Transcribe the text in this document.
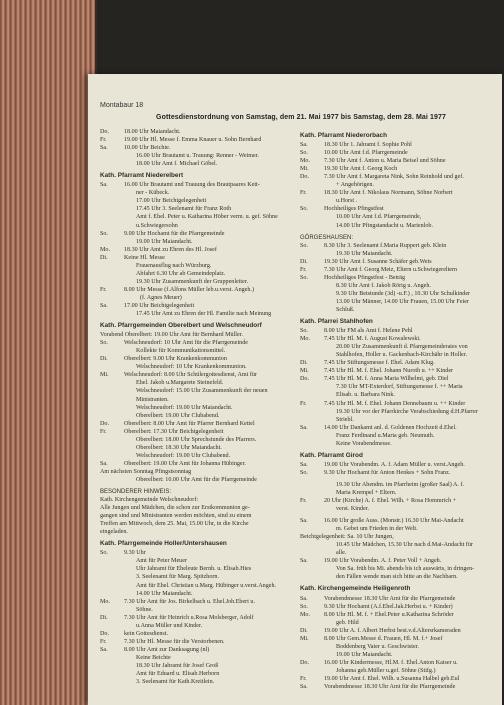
Montabaur 18
Gottesdienstordnung von Samstag, dem 21. Mai 1977 bis Samstag, dem 28. Mai 1977
Do. 18.00 Uhr Maiandacht.
Fr.	19.00 Uhr Hl. Messe f. Emma Knauer u. Sohn Bernhard
Sa.	10.00 Uhr Beichte.
16.00 Uhr Brautamt u. Trauung: Renner - Weimer.
18.00 Uhr Amt f. Michael Göbel.
Kath. Pfarramt Niederelbert
Sa.	16.00 Uhr Brautamt und Trauung des Brautpaares Kett-
ner - Kübeck.
17.00 Uhr Beichtgelegenheit
17.45 Uhr 3. Seelenamt für Franz Roth
Amt f. Ehel. Peter u. Katharina Höber verm. u. gef. Söhne
u.Schwiegersohn
So.	9.00 Uhr Hochamt für die Pfarrgemeinde
19.00 Uhr Maiandacht.
Mo. 18.30 Uhr Amt zu Ehren des Hl. Josef
Di.	Keine Hl. Messe
Frauenausflug nach Würzburg.
Abfahrt 6.30 Uhr ab Gemeindeplatz.
19.30 Uhr Zusammenkunft der Gruppenleiter.
Fr.	8.00 Uhr Messe (f.Alfons Müller leb.u.verst. Angeh.)
(f. Agnes Meuer)
Sa.	17.00 Uhr Beichtgelegenheit
17.45 Uhr Amt zu Ehren der Hl. Familie nach Meinung
Kath. Pfarrgemeinden Oberelbert und Welschneudorf
Vorabend Oberelbert: 19.00 Uhr Amt für Bernhard Müller.
So.	Welschneudorf: 10 Uhr Amt für die Pfarrgemeinde
Kollekte für Kommunikationsmittel.
Di.	Oberelbert: 9.00 Uhr Krankenkommunion
Welschneudorf: 10 Uhr Krankenkommunion.
Mi.	Welschneudorf: 8.00 Uhr Schülergottesdienst, Amt für
Ehel. Jakob u.Margarete Steinefeld.
Welschneudorf: 15.00 Uhr Zusammenkunft der neuen
Ministranten.
Welschneudorf: 19.00 Uhr Maiandacht.
Oberelbert: 19.00 Uhr Clubabend.
Do. Oberelbert: 8.00 Uhr Amt für Pfarrer Bernhard Kettel
Fr.	Oberelbert: 17.30 Uhr Beichtgelegenheit
Oberelbert: 18.00 Uhr Sprechstunde des Pfarrers.
Oberelbert: 18.30 Uhr Maiandacht.
Welschneudorf: 19.00 Uhr Clubabend.
Sa.	Oberelbert: 19.00 Uhr Amt für Johanna Hübinger.
Am nächsten Sonntag Pfingstsonntag
Oberelbert: 10.00 Uhr Amt für die Pfarrgemeinde
BESONDERER HINWEIS:
Kath. Kirchengemeinde Welschneudorf:
Alle Jungen und Mädchen, die schon zur Erstkommunion ge-
gangen sind und Ministranten werden möchten, sind zu einem
Treffen am Mittwoch, dem 25. Mai, 15.00 Uhr, in die Kirche
eingeladen.
Kath. Pfarrgemeinde Holler/Untershausen
So.	9.30 Uhr
Amt für Peter Meuer
Uhr Jahramt für Eheleute Bernh. u. Elisab.Hies
3. Seelenamt für Marg. Spitzhorn.
Amt für Ehel. Christian u.Marg. Hübinger u.verst.Angeh.
14.00 Uhr Maiandacht.
Mo. 7.30 Uhr Amt für Jos. Birkelbach u. Ehel.Joh.Ebert u.
Söhne.
Di.	7.30 Uhr Amt für Heinrich u.Rosa Molsberger, Adolf
u.Anna Müller und Kinder.
Do. kein Gottesdienst.
Fr.	7.30 Uhr Hl. Messe für die Verstorbenen.
Sa.	8.00 Uhr Amt zur Danksagung (nl)
Keine Beichte
18.30 Uhr Jahramt für Josef Groß
Amt für Eduard u. Elisab.Herborn
3. Seelenamt für Kath.Kreitlein.
Kath. Pfarramt Niederorbach
Sa.	18.30 Uhr 1. Jahramt f. Sophie Pohl
So.	10.00 Uhr Amt f.d. Pfarrgemeinde
Mo. 7.30 Uhr Amt f. Anton u. Maria Beisel und Söhne
Mi.	19.30 Uhr Amt f. Georg Koch
Do. 7.30 Uhr Amt f. Margareta Nink, Sohn Reinhold und gef.
+ Angehörigen.
Fr.	18.30 Uhr Amt f. Nikolaus Normann, Söhne Norbert
u.Horst .
So.	Hochheiliges Pfingstfest
10.00 Uhr Amt f.d. Pfarrgemeinde,
14.00 Uhr Pfingstandacht u. Marienlob.
GÖRGESHAUSEN:
So.	8.30 Uhr 3. Seelenamt f.Maria Ruppert geb. Klein
19.30 Uhr Maiandacht.
Di.	19.30 Uhr Amt f. Susanne Schäfer geb.Weis
Fr.	7.30 Uhr Amt f. Georg Metz, Eltern u.Schwiegereltern
So.	Hochheiliges Pfingstfest - Beträg
8.30 Uhr Amt f. Jakob Rörig u. Angeh.
9.30 Uhr Betstunde (3d) -u.F.) , 10.30 Uhr Schulkinder
13.00 Uhr Männer, 14.00 Uhr Frauen, 15.00 Uhr Feier
Schluß.
Kath. Pfarrei Stahlhofen
So.	8.00 Uhr FM als Amt f. Helene Pehl
Mo. 7.45 Uhr Hl. M. f. August Kowalewski.
20.00 Uhr Zusammenkunft d. Pfarrgemeinderates von
Stahlhofen, Holler u. Gackenbach-Kirchähr in Holler.
Di.	7.45 Uhr Stiftungsmesse f. Ehel. Adam Klug.
Mi.	7.45 Uhr Hl. M. f. Ehel. Johann Nuroth u. ++ Kinder
Do. 7.45 Uhr Hl. M. f. Anna Maria Wilhelmi, geb. Diel
7.30 Uhr MT-Exterdorf, Stiftungsmesse f. ++ Maria
Elisab. u. Barbara Nink.
Fr.	7.45 Uhr Hl. M. f. Ehel. Johann Dennebaum u. ++ Kinder
19.30 Uhr vor der Pfarrkirche Verabschiedung d.H.Pfarrer
Striebl.
Sa.	14.00 Uhr Dankamt anl. d. Goldenen Hochzeit d.Ehel.
Franz Ferdinand u.Maria geb. Neumuth.
Keine Vorabendmesse.
Kath. Pfarramt Girod
Sa.	19.00 Uhr Vorabendm. A. f. Adam Müller u. verst.Angeh.
So.	9.30 Uhr Hochamt für Anton Henkes + Sohn Franz.
19.30 Uhr Abendm. im Pfarrheim (großer Saal) A. f.
Maria Krempel + Eltern.
Fr.	20 Uhr (Kirche) A. f. Ehel. Wilh. + Rosa Hommrich +
verst. Kinder.
Sa.	16.00 Uhr große Auss. (Monstr.) 16.30 Uhr Mai-Andacht
m. Gebet um Frieden in der Welt.
Beichtgelegenheit: Sa. 10 Uhr Jungen,
10.45 Uhr Mädchen, 15.30 Uhr nach d.Mai-Andacht für
alle.
Sa.	19.00 Uhr Vorabendm. A. f. Peter Voll + Angeh.
Von Sa. früh bis Mi. abends bis ich auswärts, in dringen-
den Fällen wende man sich bitte an die Nachbarn.
Kath. Kirchengemeinde Heiligenroth
Sa.	Vorabendmesse 18.30 Uhr Amt für die Pfarrgemeinde
So.	9.30 Uhr Hochamt (A.f.Ehel.Jak.Herbst u. + Kinder)
Mo. 8.00 Uhr Hl. M. f. + Ehel.Peter u.Katharina Schröder
geb. Hild
Di.	19.00 Uhr A. f. Albert Herbst best.v.d.Altersrkameraden
Mi.	8.00 Uhr Gem.Messe d. Frauen, Hl. M. f.+ Josef
Boddenberg Vater u. Geschwister.
19.00 Uhr Maiandacht.
Do. 16.00 Uhr Kindermesse, Hl.M. f. Ehel.Anton Kaiser u.
Johanna geb.Müller u.gef. Söhne (Stifg.)
Fr.	19.00 Uhr Amt f. Ehel. Wilh. u.Susanna Halbel geb.Eul
Sa.	Vorabendmesse 18.30 Uhr Amt für die Pfarrgemeinde
